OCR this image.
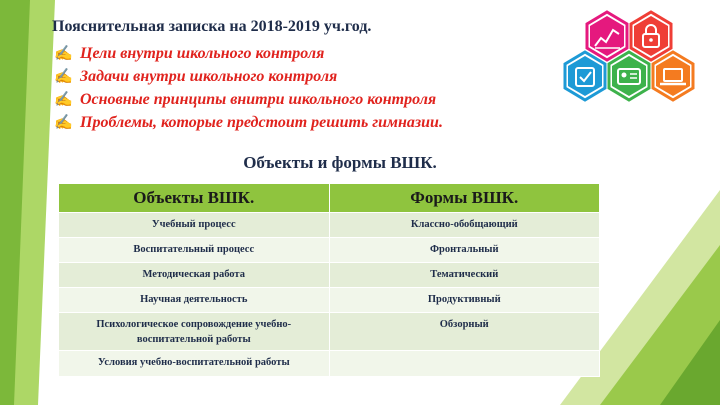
Пояснительная записка на 2018-2019 уч.год.
✍ Цели внутри школьного контроля
✍ Задачи внутри школьного контроля
✍ Основные принципы внитри школьного контроля
✍ Проблемы, которые предстоит решить гимназии.
Объекты и формы ВШК.
Объекты ВШК.	Формы ВШК.
Учебный процесс	Классно-обобщающий
Воспитательный процесс	Фронтальный
Методическая работа	Тематический
Научная деятельность	Продуктивный
Психологическое сопровождение учебно-воспитательной работы	Обзорный
Условия учебно-воспитательной работы	
